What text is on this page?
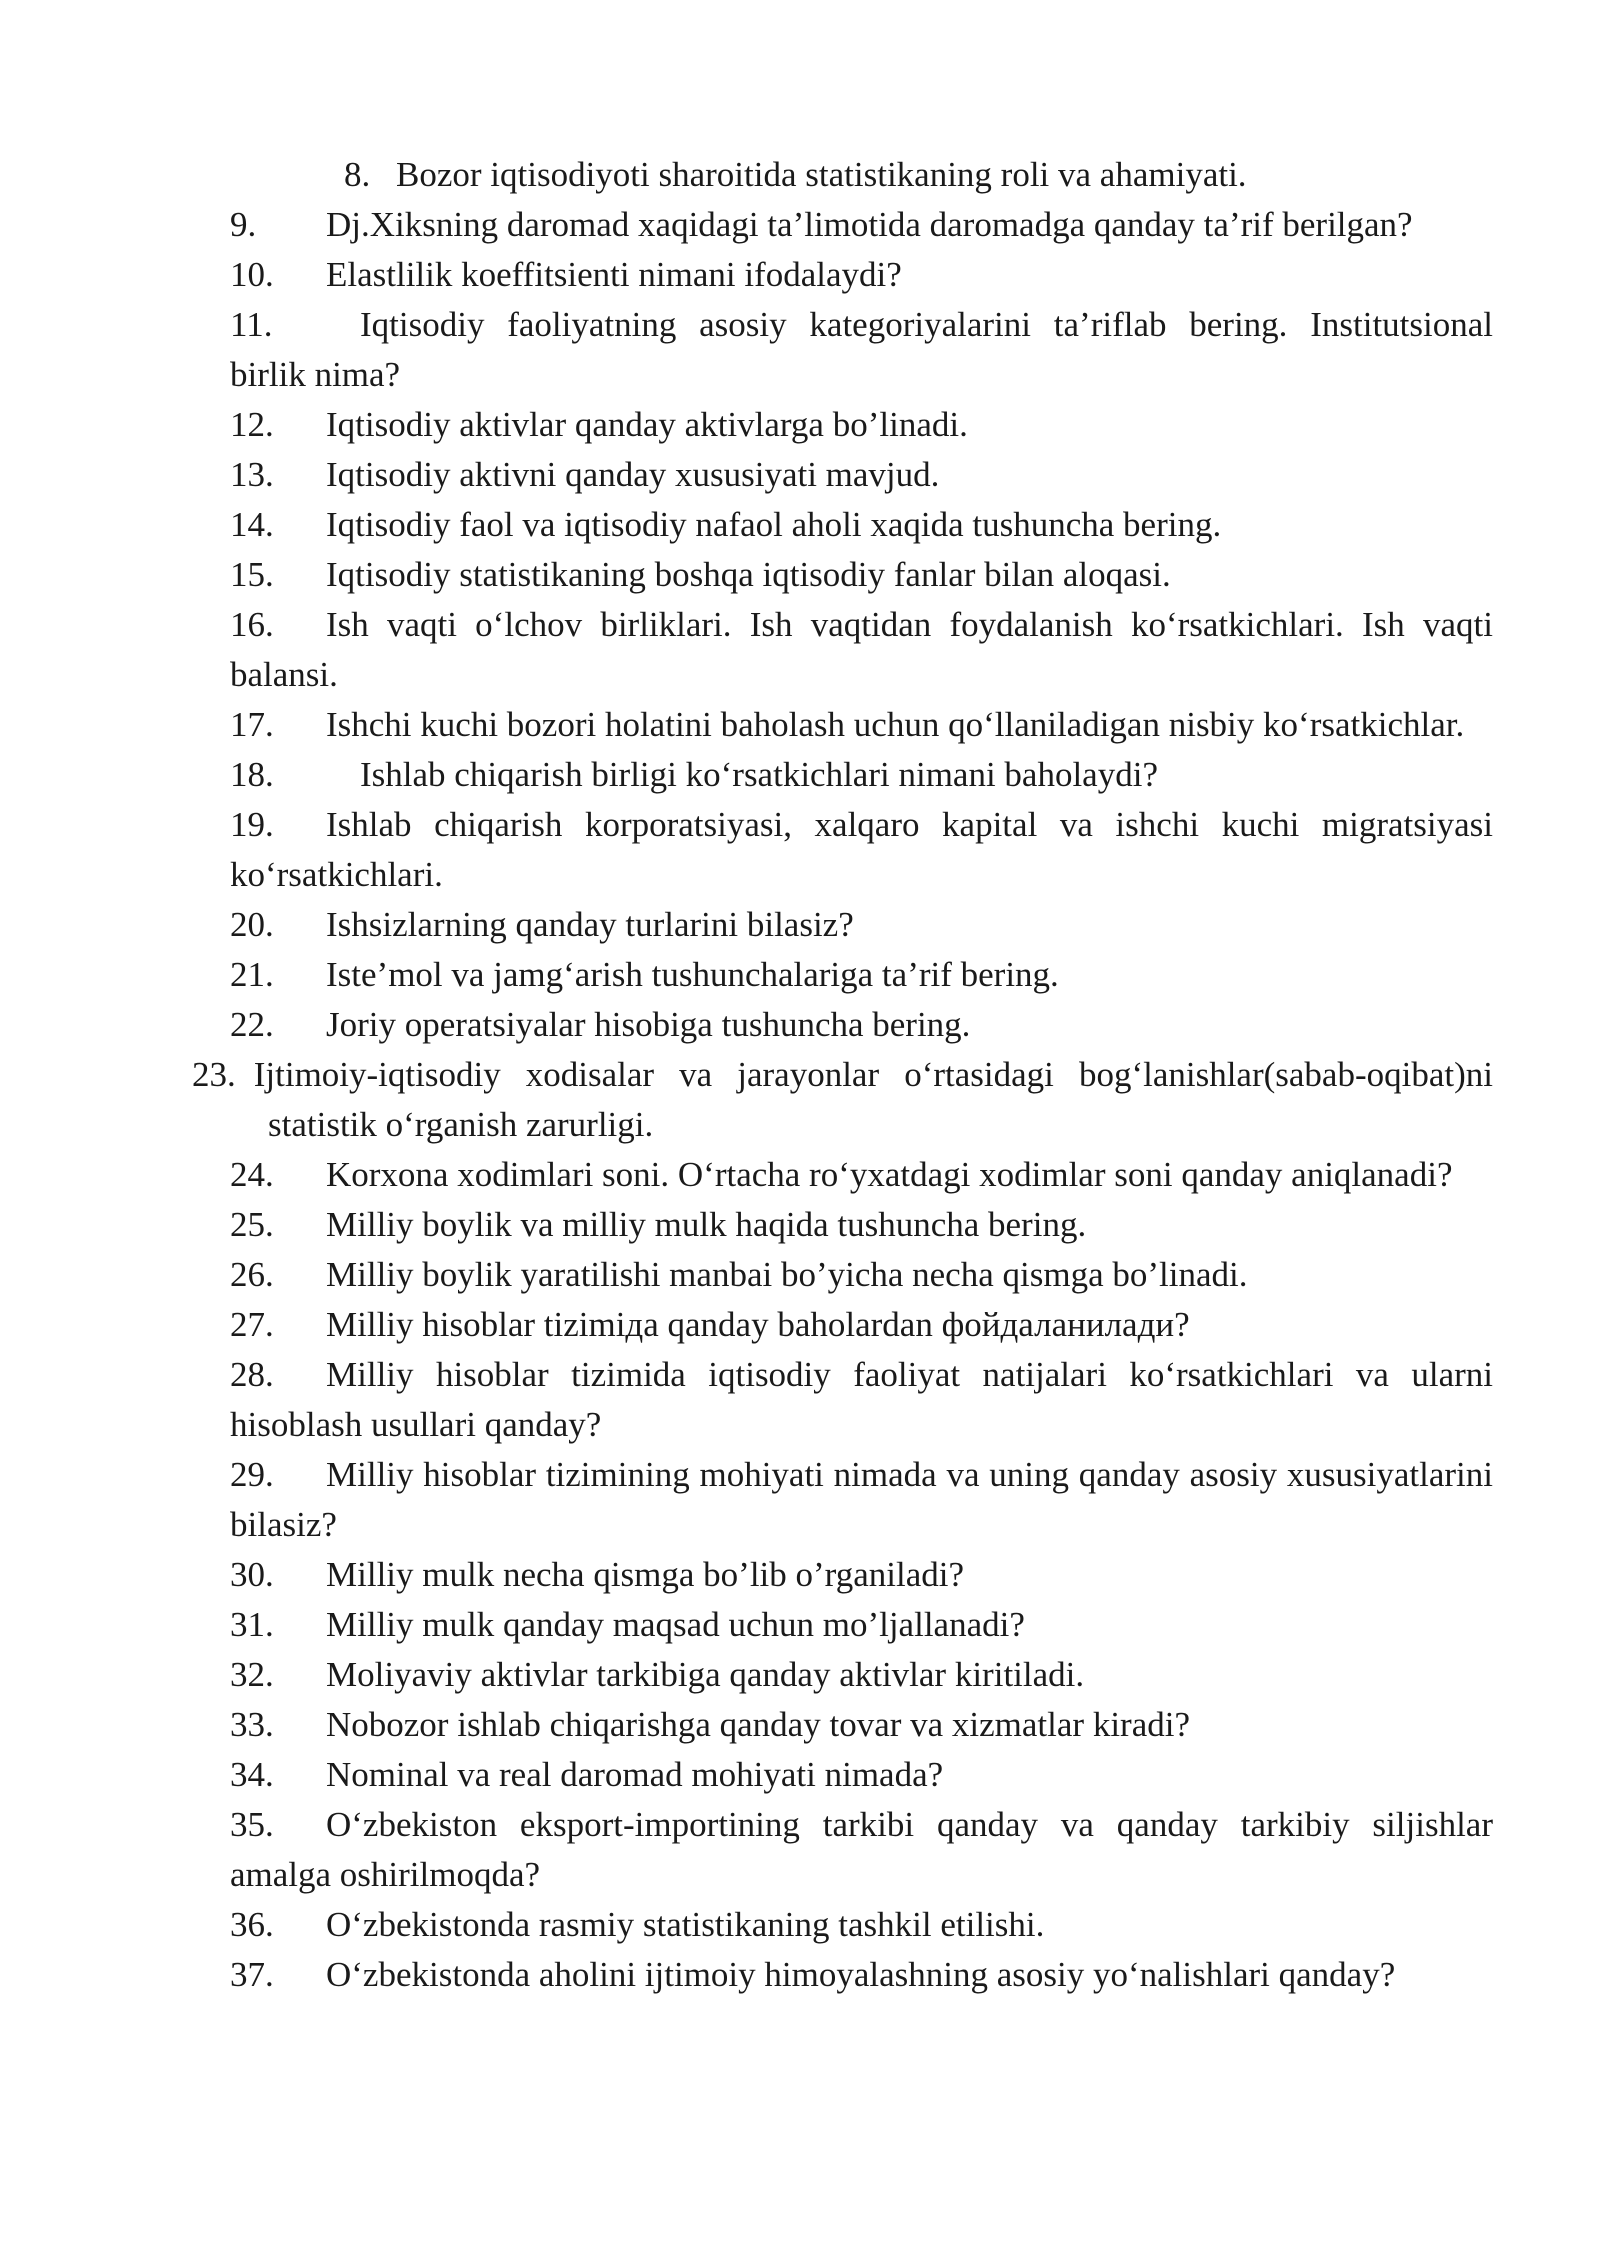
8. Bozor iqtisodiyoti sharoitida statistikaning roli va ahamiyati.

9. Dj.Xiksning daromad xaqidagi ta’limotida daromadga qanday ta’rif berilgan?

10. Elastlilik koeffitsienti nimani ifodalaydi?

11.	Iqtisodiy faoliyatning asosiy kategoriyalarini ta’riflab bering. Institutsional birlik nima?

12. Iqtisodiy aktivlar qanday aktivlarga bo’linadi.

13. Iqtisodiy aktivni qanday xususiyati mavjud.

14. Iqtisodiy faol va iqtisodiy nafaol aholi xaqida tushuncha bering.

15. Iqtisodiy statistikaning boshqa iqtisodiy fanlar bilan aloqasi.

16. Ish vaqti o‘lchov birliklari. Ish vaqtidan foydalanish ko‘rsatkichlari. Ish vaqti balansi.

17. Ishchi kuchi bozori holatini baholash uchun qo‘llaniladigan nisbiy ko‘rsatkichlar.

18. Ishlab chiqarish birligi ko‘rsatkichlari nimani baholaydi?

19. Ishlab chiqarish korporatsiyasi, xalqaro kapital va ishchi kuchi migratsiyasi ko‘rsatkichlari.

20. Ishsizlarning qanday turlarini bilasiz?

21. Iste’mol va jamg‘arish tushunchalariga ta’rif bering.

22. Joriy operatsiyalar hisobiga tushuncha bering.

23. Ijtimoiy-iqtisodiy xodisalar va jarayonlar o‘rtasidagi bog‘lanishlar(sabab-oqibat)ni statistik o‘rganish zarurligi.

24. Korxona xodimlari soni. O‘rtacha ro‘yxatdagi xodimlar soni qanday aniqlanadi?

25. Milliy boylik va milliy mulk haqida tushuncha bering.

26. Milliy boylik yaratilishi manbai bo’yicha necha qismga bo’linadi.

27. Milliy hisoblar tizimiда qanday baholardan фойдаланилади?

28. Milliy hisoblar tizimida iqtisodiy faoliyat natijalari ko‘rsatkichlari va ularni hisoblash usullari qanday?

29. Milliy hisoblar tizimining mohiyati nimada va uning qanday asosiy xususiyatlarini bilasiz?

30. Milliy mulk necha qismga bo’lib o’rganiladi?

31. Milliy mulk qanday maqsad uchun mo’ljallanadi?

32. Moliyaviy aktivlar tarkibiga qanday aktivlar kiritiladi.

33. Nobozor ishlab chiqarishga qanday tovar va xizmatlar kiradi?

34. Nominal va real daromad mohiyati nimada?

35. O‘zbekiston eksport-importining tarkibi qanday va qanday tarkibiy siljishlar amalga oshirilmoqda?

36. O‘zbekistonda rasmiy statistikaning tashkil etilishi.

37. O‘zbekistonda aholini ijtimoiy himoyalashning asosiy yo‘nalishlari qanday?
